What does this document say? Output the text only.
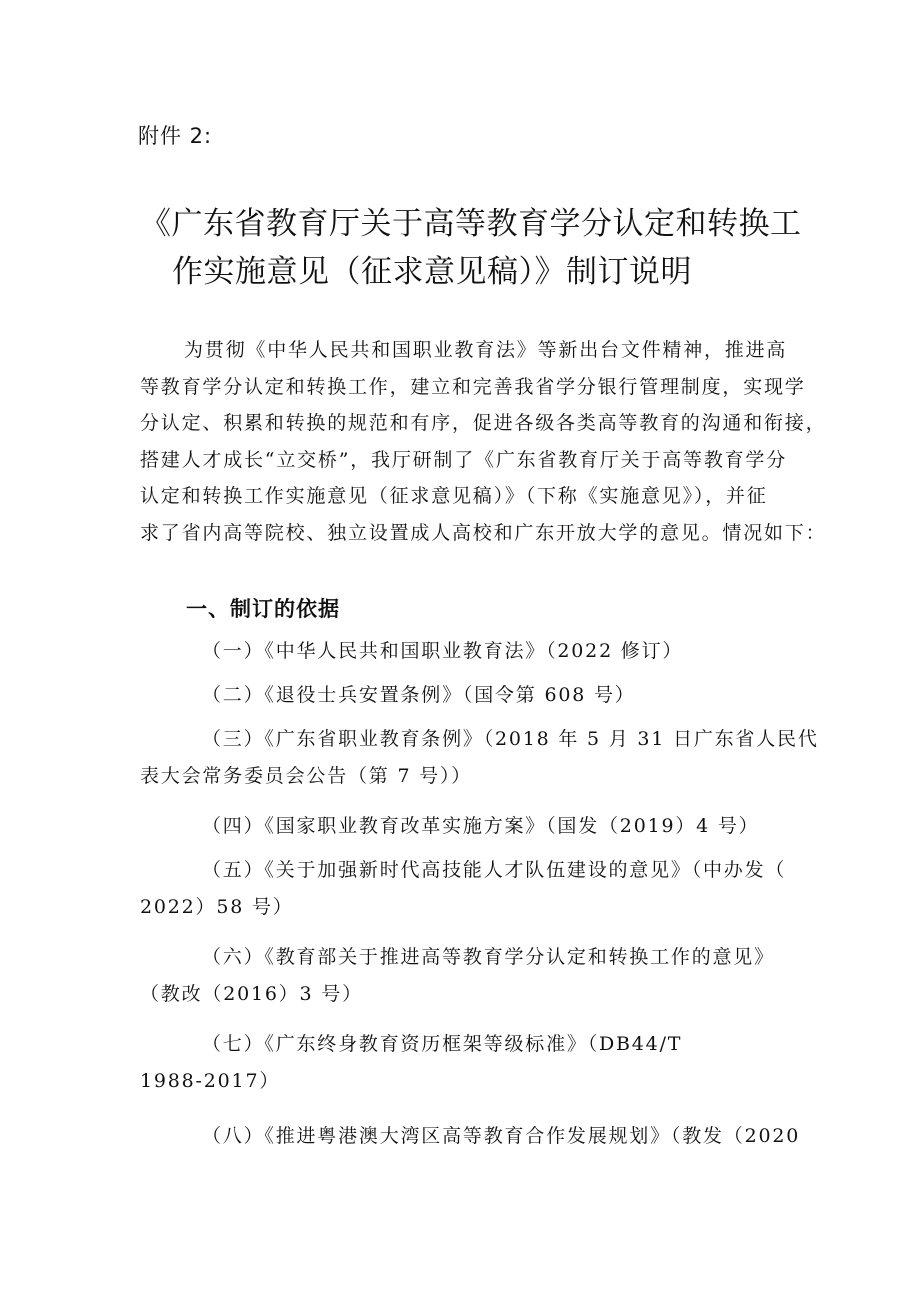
附件 2:
《广东省教育厅关于高等教育学分认定和转换工
作实施意见（征求意见稿）》制订说明
为贯彻《中华人民共和国职业教育法》等新出台文件精神，推进高
等教育学分认定和转换工作，建立和完善我省学分银行管理制度，实现学
分认定、积累和转换的规范和有序，促进各级各类高等教育的沟通和衔接，
搭建人才成长“立交桥”，我厅研制了《广东省教育厅关于高等教育学分
认定和转换工作实施意见（征求意见稿）》（下称《实施意见》），并征
求了省内高等院校、独立设置成人高校和广东开放大学的意见。情况如下：
一、制订的依据
（一）《中华人民共和国职业教育法》（2022 修订）
（二）《退役士兵安置条例》（国令第 608 号）
（三）《广东省职业教育条例》（2018 年 5 月 31 日广东省人民代
表大会常务委员会公告（第 7 号））
（四）《国家职业教育改革实施方案》（国发（2019）4 号）
（五）《关于加强新时代高技能人才队伍建设的意见》（中办发（
2022）58 号）
（六）《教育部关于推进高等教育学分认定和转换工作的意见》
（教改（2016）3 号）
（七）《广东终身教育资历框架等级标准》（DB44/T
1988-2017）
（八）《推进粤港澳大湾区高等教育合作发展规划》（教发（2020
